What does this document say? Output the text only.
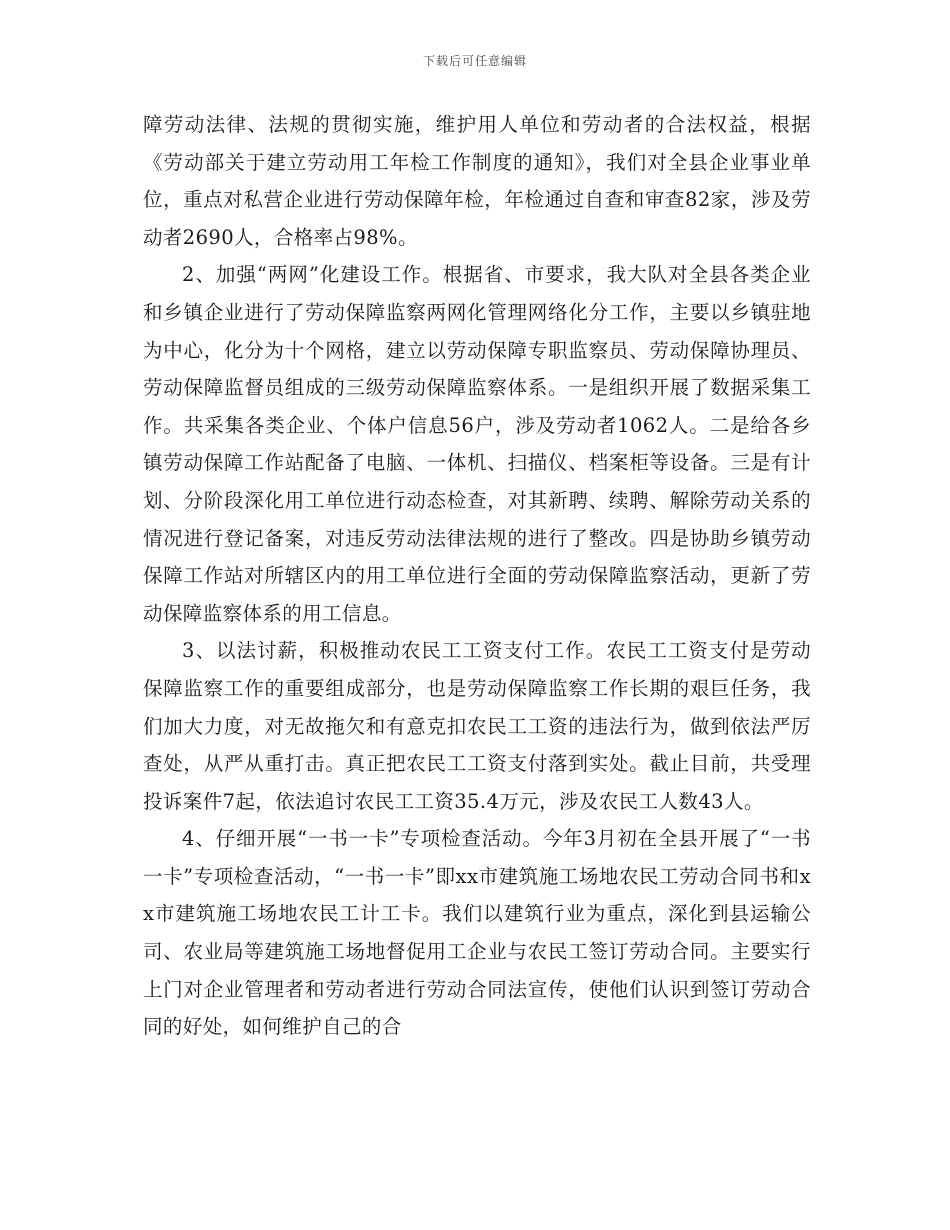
下载后可任意编辑

障劳动法律、法规的贯彻实施，维护用人单位和劳动者的合法权益，根据《劳动部关于建立劳动用工年检工作制度的通知》，我们对全县企业事业单位，重点对私营企业进行劳动保障年检，年检通过自查和审查82家，涉及劳动者2690人，合格率占98%。

2、加强“两网”化建设工作。根据省、市要求，我大队对全县各类企业和乡镇企业进行了劳动保障监察两网化管理网络化分工作，主要以乡镇驻地为中心，化分为十个网格，建立以劳动保障专职监察员、劳动保障协理员、劳动保障监督员组成的三级劳动保障监察体系。一是组织开展了数据采集工作。共采集各类企业、个体户信息56户，涉及劳动者1062人。二是给各乡镇劳动保障工作站配备了电脑、一体机、扫描仪、档案柜等设备。三是有计划、分阶段深化用工单位进行动态检查，对其新聘、续聘、解除劳动关系的情况进行登记备案，对违反劳动法律法规的进行了整改。四是协助乡镇劳动保障工作站对所辖区内的用工单位进行全面的劳动保障监察活动，更新了劳动保障监察体系的用工信息。

3、以法讨薪，积极推动农民工工资支付工作。农民工工资支付是劳动保障监察工作的重要组成部分，也是劳动保障监察工作长期的艰巨任务，我们加大力度，对无故拖欠和有意克扣农民工工资的违法行为，做到依法严厉查处，从严从重打击。真正把农民工工资支付落到实处。截止目前，共受理投诉案件7起，依法追讨农民工工资35.4万元，涉及农民工人数43人。

4、仔细开展“一书一卡”专项检查活动。今年3月初在全县开展了“一书一卡”专项检查活动，“一书一卡”即xx市建筑施工场地农民工劳动合同书和xx市建筑施工场地农民工计工卡。我们以建筑行业为重点，深化到县运输公司、农业局等建筑施工场地督促用工企业与农民工签订劳动合同。主要实行上门对企业管理者和劳动者进行劳动合同法宣传，使他们认识到签订劳动合同的好处，如何维护自己的合
